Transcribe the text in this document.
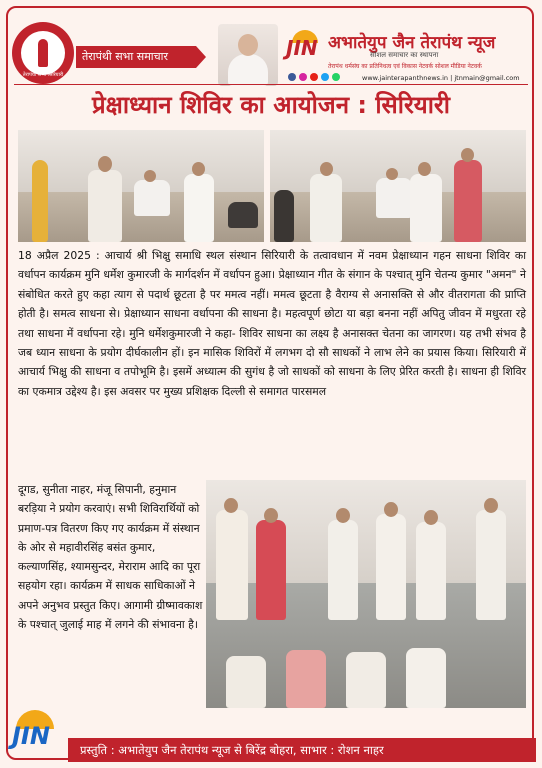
तेरापंथी सभा सिरियारी
तेरापंथी सभा समाचार	JIN अभातेयुप जैन तेरापंथ न्यूज
सोशल समाचार का स्थापना
तेरापंथ धर्मसंघ का प्रतिनिधत्व एवं विकास नेटवर्क सोशल मीडिया नेटवर्क
www.jainterapanthnews.in | jtnmain@gmail.com
प्रेक्षाध्यान शिविर का आयोजन : सिरियारी
18 अप्रैल 2025 : आचार्य श्री भिक्षु समाधि स्थल संस्थान सिरियारी के तत्वावधान में नवम प्रेक्षाध्यान गहन साधना शिविर का वर्धापन कार्यक्रम मुनि धर्मेश कुमारजी के मार्गदर्शन में वर्धापन हुआ। प्रेक्षाध्यान गीत के संगान के पश्चात् मुनि चेतन्य कुमार "अमन" ने संबोधित करते हुए कहा त्याग से पदार्थ छूटता है पर ममत्व नहीं। ममत्व छूटता है वैराग्य से अनासक्ति से और वीतरागता की प्राप्ति होती है। समत्व साधना से। प्रेक्षाध्यान साधना वर्धापना की साधना है। महत्वपूर्ण छोटा या बड़ा बनना नहीं अपितु जीवन में मधुरता रहे तथा साधना में वर्धापना रहे। मुनि धर्मेशकुमारजी ने कहा- शिविर साधना का लक्ष्य है अनासक्त चेतना का जागरण। यह तभी संभव है जब ध्यान साधना के प्रयोग दीर्घकालीन हों। इन मासिक शिविरों में लगभग दो सौ साधकों ने लाभ लेने का प्रयास किया। सिरियारी में आचार्य भिक्षु की साधना व तपोभूमि है। इसमें अध्यात्म की सुगंध है जो साधकों को साधना के लिए प्रेरित करती है। साधना ही शिविर का एकमात्र उद्देश्य है। इस अवसर पर मुख्य प्रशिक्षक दिल्ली से समागत पारसमल
दूगड, सुनीता नाहर, मंजू सिपानी, हनुमान बरड़िया ने प्रयोग करवाएं। सभी शिविरार्थियों को प्रमाण-पत्र वितरण किए गए कार्यक्रम में संस्थान के ओर से महावीरसिंह बसंत कुमार, कल्याणसिंह, श्यामसुन्दर, मेराराम आदि का पूरा सहयोग रहा। कार्यक्रम में साधक साधिकाओं ने अपने अनुभव प्रस्तुत किए। आगामी ग्रीष्मावकाश के पश्चात् जुलाई माह में लगने की संभावना है।
JIN	प्रस्तुति : अभातेयुप जैन तेरापंथ न्यूज से बिरेंद्र बोहरा, साभार : रोशन नाहर
